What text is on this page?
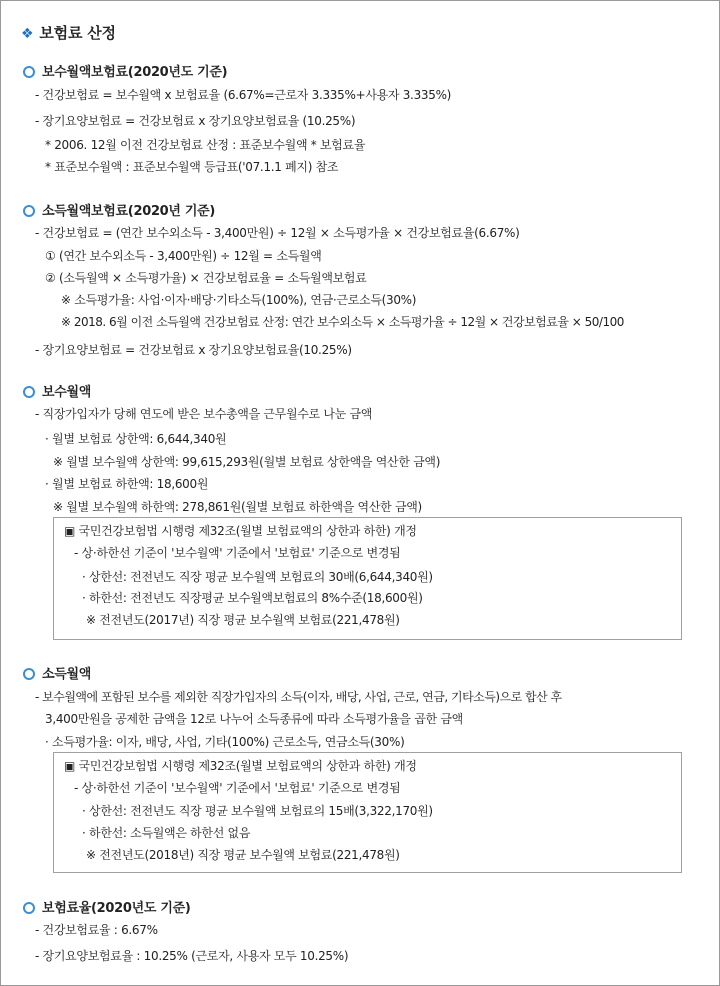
❖ 보험료 산정
보수월액보험료(2020년도 기준)
- 건강보험료 = 보수월액 x 보험료율 (6.67%=근로자 3.335%+사용자 3.335%)
- 장기요양보험료 = 건강보험료 x 장기요양보험료율 (10.25%)
* 2006. 12월 이전 건강보험료 산정 : 표준보수월액 * 보험료율
* 표준보수월액 : 표준보수월액 등급표('07.1.1 폐지) 참조
소득월액보험료(2020년 기준)
- 건강보험료 = (연간 보수외소득 - 3,400만원) ÷ 12월 × 소득평가율 × 건강보험료율(6.67%)
① (연간 보수외소득 - 3,400만원) ÷ 12월 = 소득월액
② (소득월액 × 소득평가율) × 건강보험료율 = 소득월액보험료
※ 소득평가율: 사업·이자·배당·기타소득(100%), 연금·근로소득(30%)
※ 2018. 6월 이전 소득월액 건강보험료 산정: 연간 보수외소득 × 소득평가율 ÷ 12월 × 건강보험료율 × 50/100
- 장기요양보험료 = 건강보험료 x 장기요양보험료율(10.25%)
보수월액
- 직장가입자가 당해 연도에 받은 보수총액을 근무월수로 나눈 금액
· 월별 보험료 상한액: 6,644,340원
※ 월별 보수월액 상한액: 99,615,293원(월별 보험료 상한액을 역산한 금액)
· 월별 보험료 하한액: 18,600원
※ 월별 보수월액 하한액: 278,861원(월별 보험료 하한액을 역산한 금액)
▣ 국민건강보험법 시행령 제32조(월별 보험료액의 상한과 하한) 개정
- 상·하한선 기준이 '보수월액' 기준에서 '보험료' 기준으로 변경됨
· 상한선: 전전년도 직장 평균 보수월액 보험료의 30배(6,644,340원)
· 하한선: 전전년도 직장평균 보수월액보험료의 8%수준(18,600원)
※ 전전년도(2017년) 직장 평균 보수월액 보험료(221,478원)
소득월액
- 보수월액에 포함된 보수를 제외한 직장가입자의 소득(이자, 배당, 사업, 근로, 연금, 기타소득)으로 합산 후
3,400만원을 공제한 금액을 12로 나누어 소득종류에 따라 소득평가율을 곱한 금액
· 소득평가율: 이자, 배당, 사업, 기타(100%) 근로소득, 연금소득(30%)
▣ 국민건강보험법 시행령 제32조(월별 보험료액의 상한과 하한) 개정
- 상·하한선 기준이 '보수월액' 기준에서 '보험료' 기준으로 변경됨
· 상한선: 전전년도 직장 평균 보수월액 보험료의 15배(3,322,170원)
· 하한선: 소득월액은 하한선 없음
※ 전전년도(2018년) 직장 평균 보수월액 보험료(221,478원)
보험료율(2020년도 기준)
- 건강보험료율 : 6.67%
- 장기요양보험료율 : 10.25% (근로자, 사용자 모두 10.25%)
